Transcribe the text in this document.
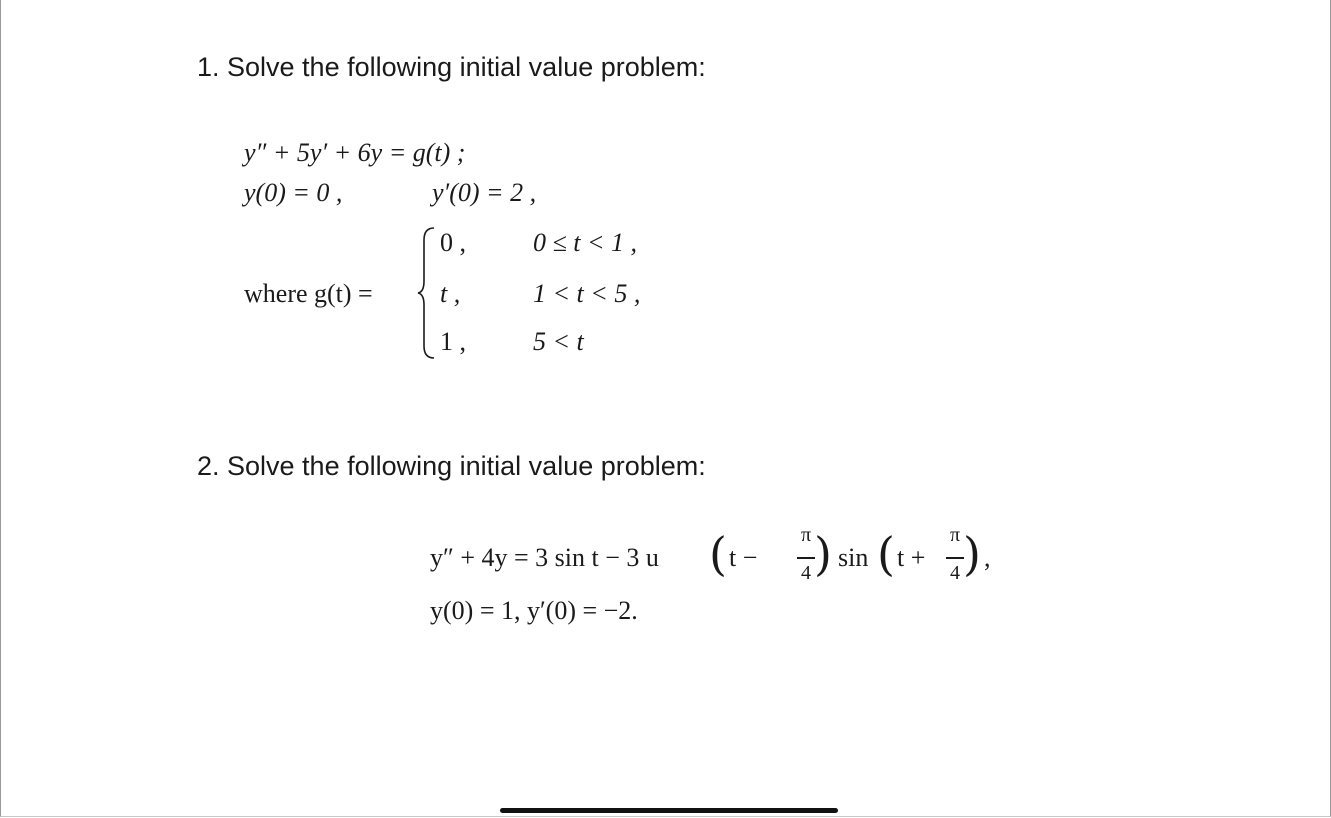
1. Solve the following initial value problem:
y″ + 5y′ + 6y = g(t) ;
y(0) = 0 ,	y′(0) = 2 ,
where g(t) =
0 ,	0 ≤ t < 1 ,
t ,	1 < t < 5 ,
1 ,	5 < t
2. Solve the following initial value problem:
y″ + 4y = 3 sin t − 3 u ( t −
π
4 ) sin ( t +
π
4 ) ,
y(0) = 1, y′(0) = −2.
